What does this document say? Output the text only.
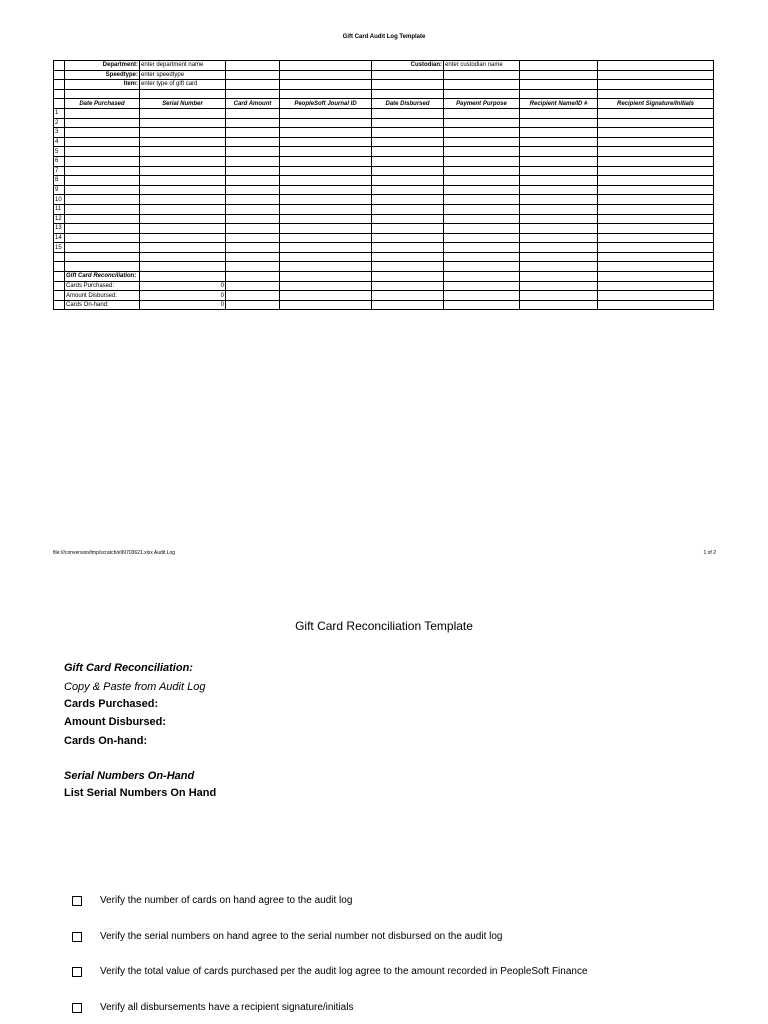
Gift Card Audit Log Template
	Department:	enter department name			Custodian:	enter custodian name		
	Speedtype:	enter speedtype						
	Item:	enter type of gift card						

	Date Purchased	Serial Number	Card Amount	PeopleSoft Journal ID	Date Disbursed	Payment Purpose	Recipient Name/ID #	Recipient Signature/Initials
1								
2								
3								
4								
5								
6								
7								
8								
9								
10								
11								
12								
13								
14								
15								

	Gift Card Reconciliation:							
	Cards Purchased:	0						
	Amount Disbursed:	0						
	Cards On-hand:	0						
file:///conversion/tmp/scratch/e99703621.xlsx Audit Log	1 of 2
Gift Card Reconciliation Template
Gift Card Reconciliation:
Copy & Paste from Audit Log
Cards Purchased:
Amount Disbursed:
Cards On-hand:
Serial Numbers On-Hand
List Serial Numbers On Hand
Verify the number of cards on hand agree to the audit log
Verify the serial numbers on hand agree to the serial number not disbursed on the audit log
Verify the total value of cards purchased per the audit log agree to the amount recorded in PeopleSoft Finance
Verify all disbursements have a recipient signature/initials
